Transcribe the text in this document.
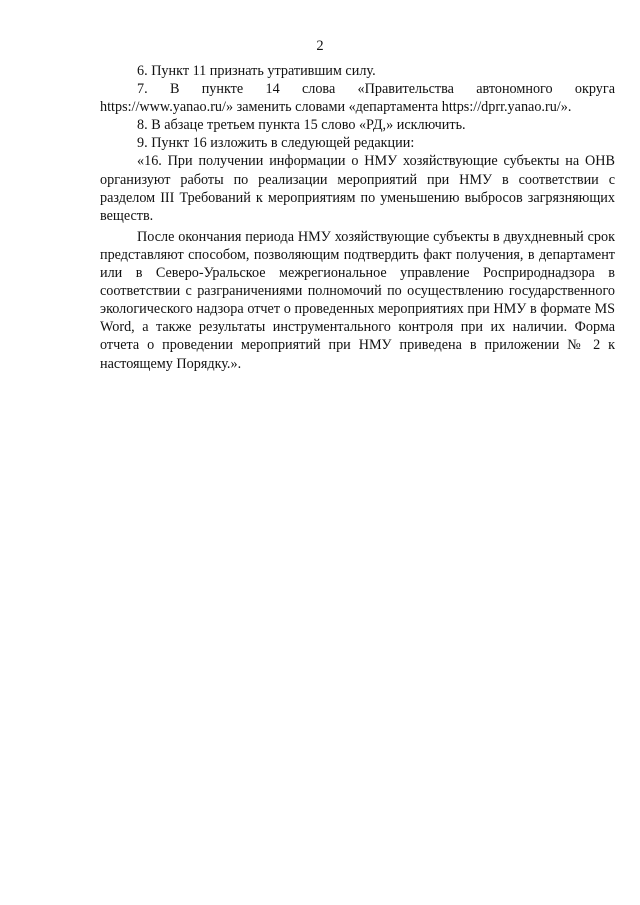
2

6. Пункт 11 признать утратившим силу.

7. В пункте 14 слова «Правительства автономного округа https://www.yanao.ru/» заменить словами «департамента https://dprr.yanao.ru/».

8. В абзаце третьем пункта 15 слово «РД,» исключить.

9. Пункт 16 изложить в следующей редакции:

«16. При получении информации о НМУ хозяйствующие субъекты на ОНВ организуют работы по реализации мероприятий при НМУ в соответствии с разделом III Требований к мероприятиям по уменьшению выбросов загрязняющих веществ.

После окончания периода НМУ хозяйствующие субъекты в двухдневный срок представляют способом, позволяющим подтвердить факт получения, в департамент или в Северо-Уральское межрегиональное управление Росприроднадзора в соответствии с разграничениями полномочий по осуществлению государственного экологического надзора отчет о проведенных мероприятиях при НМУ в формате MS Word, а также результаты инструментального контроля при их наличии. Форма отчета о проведении мероприятий при НМУ приведена в приложении № 2 к настоящему Порядку.».
